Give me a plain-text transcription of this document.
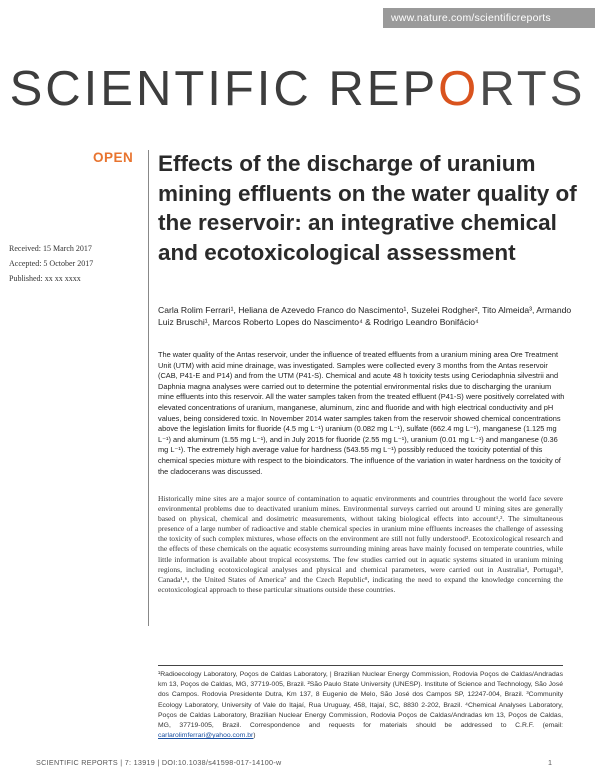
www.nature.com/scientificreports
SCIENTIFIC REPORTS
OPEN
Received: 15 March 2017
Accepted: 5 October 2017
Published: xx xx xxxx
Effects of the discharge of uranium mining effluents on the water quality of the reservoir: an integrative chemical and ecotoxicological assessment
Carla Rolim Ferrari¹, Heliana de Azevedo Franco do Nascimento¹, Suzelei Rodgher², Tito Almeida³, Armando Luiz Bruschi¹, Marcos Roberto Lopes do Nascimento⁴ & Rodrigo Leandro Bonifácio⁴
The water quality of the Antas reservoir, under the influence of treated effluents from a uranium mining area Ore Treatment Unit (UTM) with acid mine drainage, was investigated. Samples were collected every 3 months from the Antas reservoir (CAB, P41-E and P14) and from the UTM (P41-S). Chemical and acute 48 h toxicity tests using Ceriodaphnia silvestrii and Daphnia magna analyses were carried out to determine the potential environmental risks due to discharging the uranium mine effluents into this reservoir. All the water samples taken from the treated effluent (P41-S) were positively correlated with elevated concentrations of uranium, manganese, aluminum, zinc and fluoride and with high electrical conductivity and pH values, being considered toxic. In November 2014 water samples taken from the reservoir showed chemical concentrations above the legislation limits for fluoride (4.5 mg L⁻¹) uranium (0.082 mg L⁻¹), sulfate (662.4 mg L⁻¹), manganese (1.125 mg L⁻¹) and aluminum (1.55 mg L⁻¹), and in July 2015 for fluoride (2.55 mg L⁻¹), uranium (0.01 mg L⁻¹) and manganese (0.36 mg L⁻¹). The extremely high average value for hardness (543.55 mg L⁻¹) possibly reduced the toxicity potential of this chemical species mixture with respect to the bioindicators. The influence of the variation in water hardness on the toxicity of the cladocerans was discussed.
Historically mine sites are a major source of contamination to aquatic environments and countries throughout the world face severe environmental problems due to deactivated uranium mines. Environmental surveys carried out around U mining sites are generally based on physical, chemical and dosimetric measurements, without taking biological effects into account¹,². The simultaneous presence of a large number of radioactive and stable chemical species in uranium mine effluents increases the challenge of assessing the toxicity of such complex mixtures, whose effects on the environment are still not fully understood³. Ecotoxicological research and the effects of these chemicals on the aquatic ecosystems surrounding mining areas have mainly focused on temperate countries, while little information is available about tropical ecosystems. The few studies carried out in aquatic systems situated in uranium mining regions, including ecotoxicological analyses and physical and chemical parameters, were carried out in Australia⁴, Portugal⁵, Canada¹,⁶, the United States of America⁷ and the Czech Republic⁸, indicating the need to expand the knowledge concerning the ecotoxicological approach to these particular situations outside these countries.
¹Radioecology Laboratory, Poços de Caldas Laboratory, | Brazilian Nuclear Energy Commission, Rodovia Poços de Caldas/Andradas km 13, Poços de Caldas, MG, 37719-005, Brazil. ²São Paulo State University (UNESP). Institute of Science and Technology, São José dos Campos. Rodovia Presidente Dutra, Km 137, 8 Eugenio de Melo, São José dos Campos SP, 12247-004, Brazil. ³Community Ecology Laboratory, University of Vale do Itajaí, Rua Uruguay, 458, Itajaí, SC, 8830 2-202, Brazil. ⁴Chemical Analyses Laboratory, Poços de Caldas Laboratory, Brazilian Nuclear Energy Commission, Rodovia Poços de Caldas/Andradas km 13, Poços de Caldas, MG, 37719-005, Brazil. Correspondence and requests for materials should be addressed to C.R.F. (email: carlarolimferrari@yahoo.com.br)
SCIENTIFIC REPORTS | 7: 13919 | DOI:10.1038/s41598-017-14100-w	1
